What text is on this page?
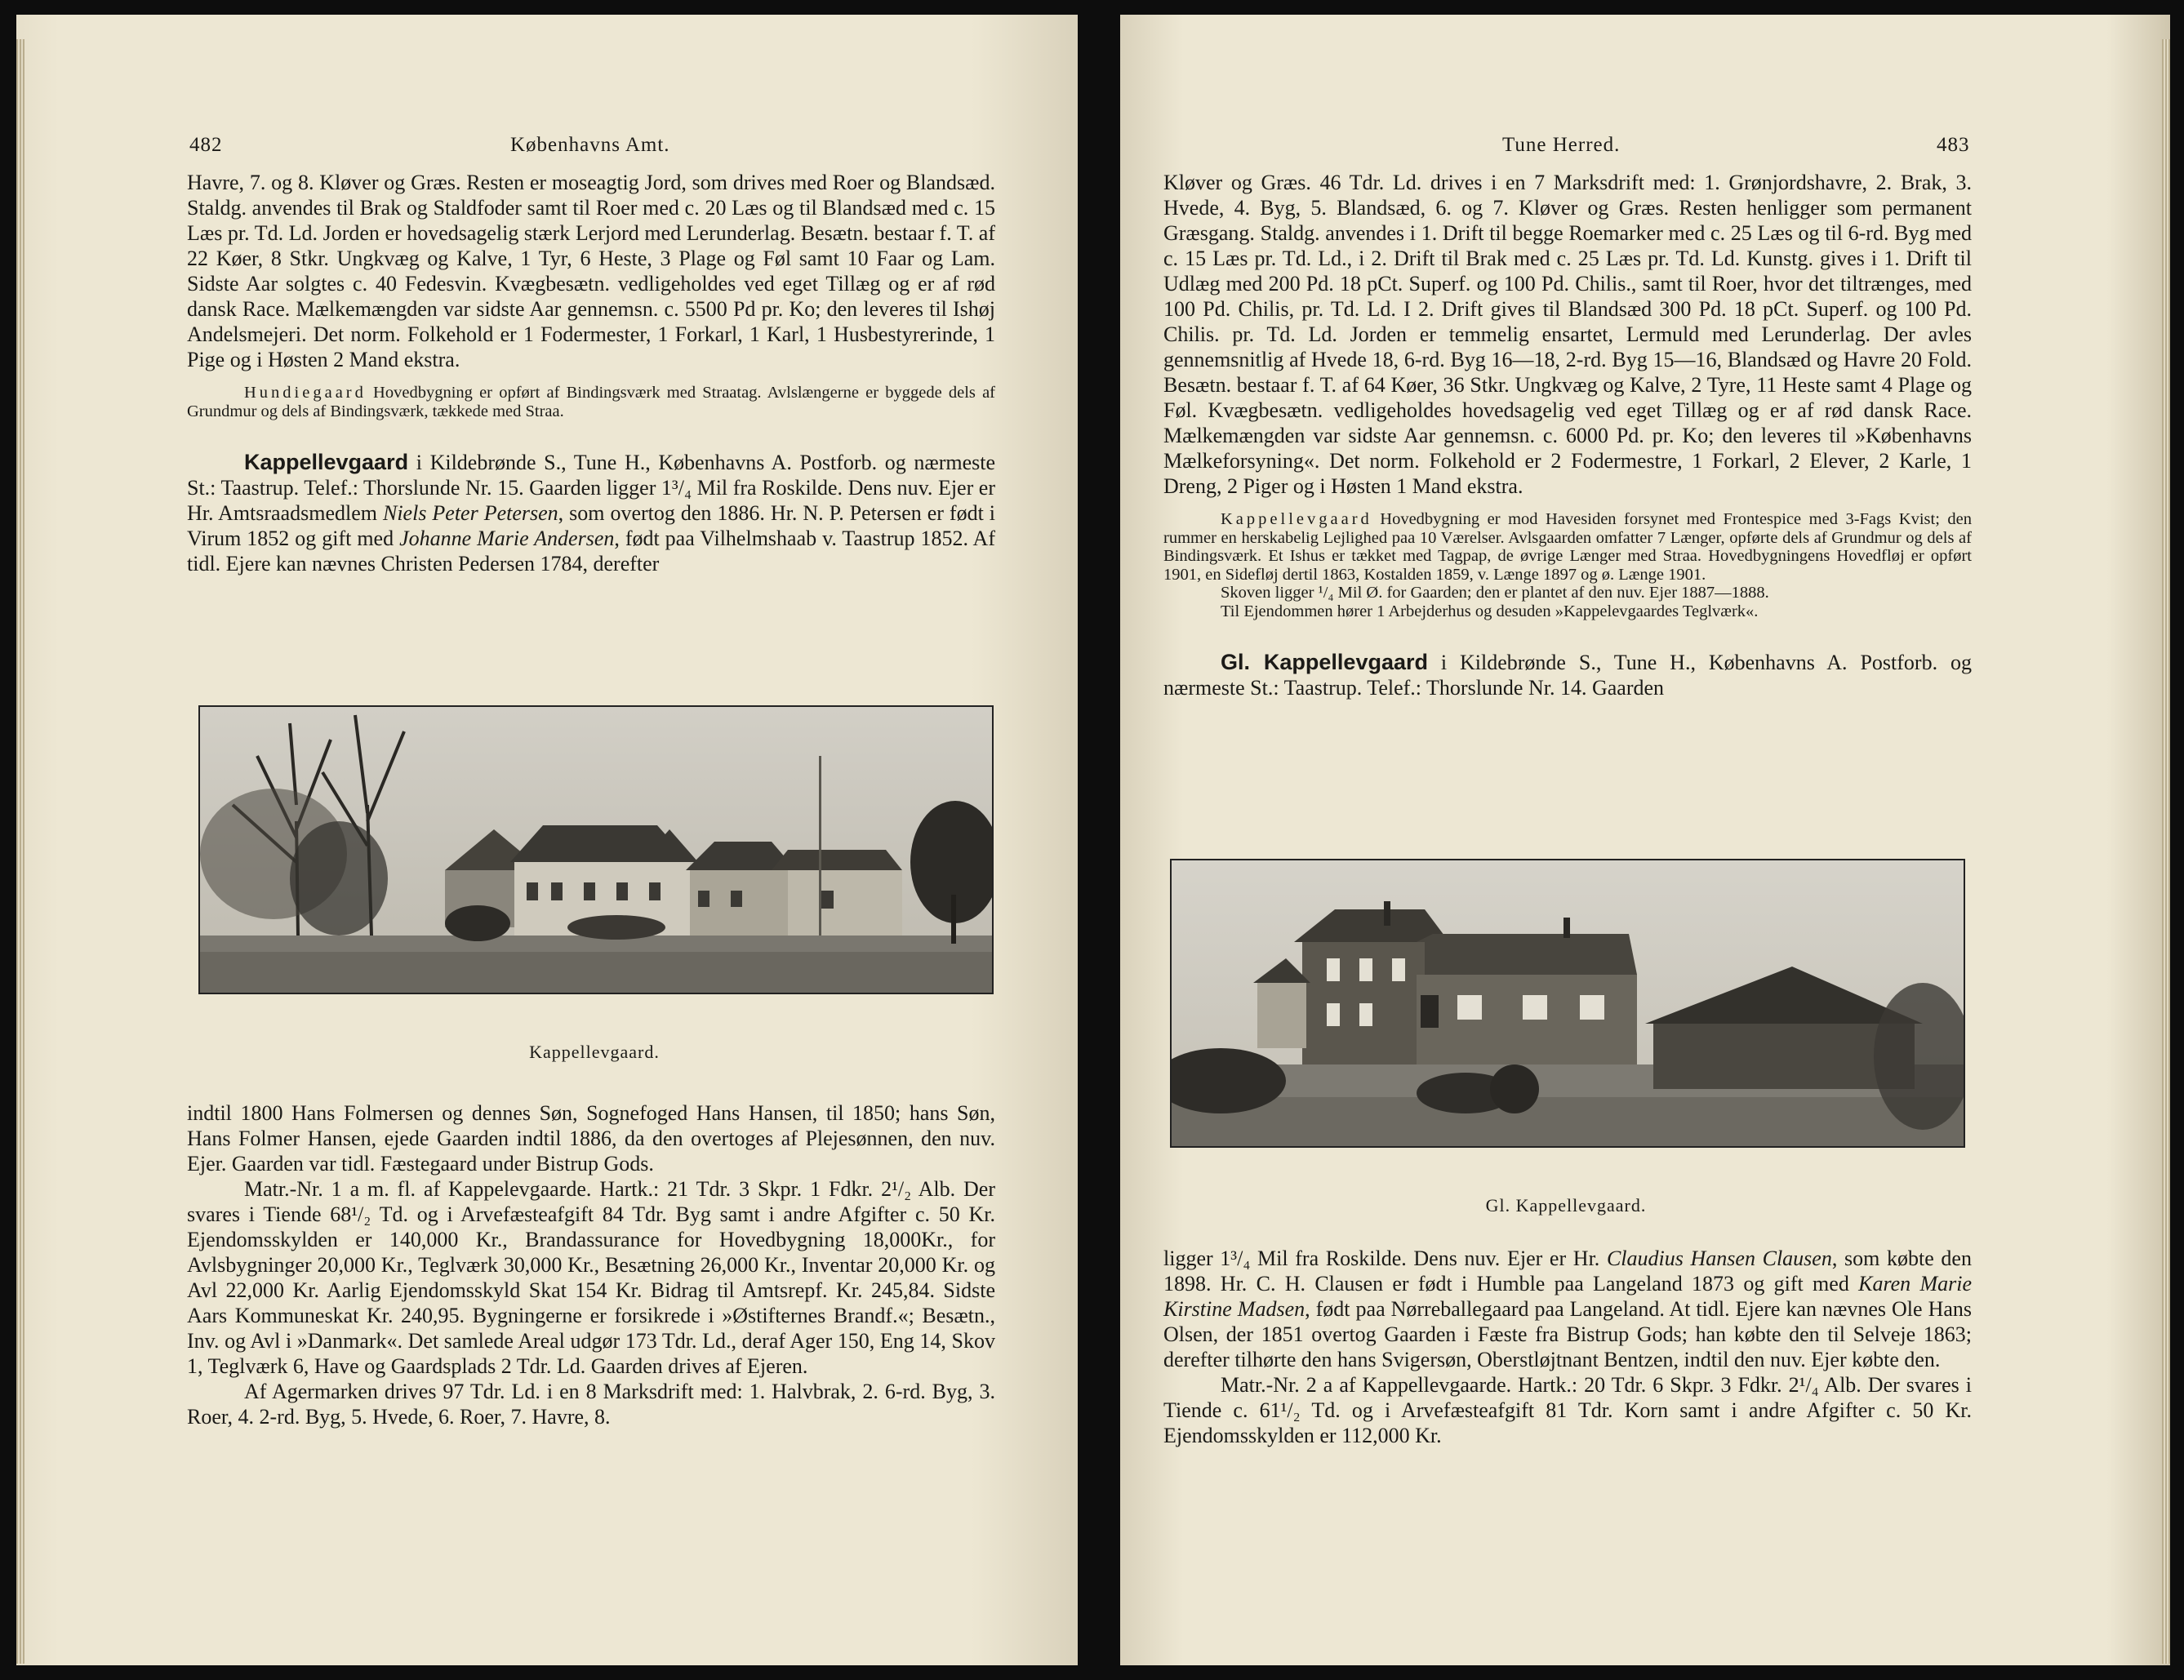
482	Københavns Amt.

Havre, 7. og 8. Kløver og Græs. Resten er moseagtig Jord, som drives med Roer og Blandsæd. Staldg. anvendes til Brak og Staldfoder samt til Roer med c. 20 Læs og til Blandsæd med c. 15 Læs pr. Td. Ld. Jorden er hovedsagelig stærk Lerjord med Lerunderlag. Besætn. bestaar f. T. af 22 Køer, 8 Stkr. Ungkvæg og Kalve, 1 Tyr, 6 Heste, 3 Plage og Føl samt 10 Faar og Lam. Sidste Aar solgtes c. 40 Fedesvin. Kvægbesætn. vedligeholdes ved eget Tillæg og er af rød dansk Race. Mælkemængden var sidste Aar gennemsn. c. 5500 Pd pr. Ko; den leveres til Ishøj Andelsmejeri. Det norm. Folkehold er 1 Fodermester, 1 Forkarl, 1 Karl, 1 Husbestyrerinde, 1 Pige og i Høsten 2 Mand ekstra.

Hundiegaard Hovedbygning er opført af Bindingsværk med Straatag. Avlslængerne er byggede dels af Grundmur og dels af Bindingsværk, tækkede med Straa.

Kappellevgaard i Kildebrønde S., Tune H., Københavns A. Postforb. og nærmeste St.: Taastrup. Telef.: Thorslunde Nr. 15. Gaarden ligger 1³/₄ Mil fra Roskilde. Dens nuv. Ejer er Hr. Amtsraadsmedlem Niels Peter Petersen, som overtog den 1886. Hr. N. P. Petersen er født i Virum 1852 og gift med Johanne Marie Andersen, født paa Vilhelmshaab v. Taastrup 1852. Af tidl. Ejere kan nævnes Christen Pedersen 1784, derefter

Kappellevgaard.

indtil 1800 Hans Folmersen og dennes Søn, Sognefoged Hans Hansen, til 1850; hans Søn, Hans Folmer Hansen, ejede Gaarden indtil 1886, da den overtoges af Plejesønnen, den nuv. Ejer. Gaarden var tidl. Fæstegaard under Bistrup Gods.

Matr.-Nr. 1 a m. fl. af Kappelevgaarde. Hartk.: 21 Tdr. 3 Skpr. 1 Fdkr. 2¹/₂ Alb. Der svares i Tiende 68¹/₂ Td. og i Arvefæsteafgift 84 Tdr. Byg samt i andre Afgifter c. 50 Kr. Ejendomsskylden er 140,000 Kr., Brandassurance for Hovedbygning 18,000Kr., for Avlsbygninger 20,000 Kr., Teglværk 30,000 Kr., Besætning 26,000 Kr., Inventar 20,000 Kr. og Avl 22,000 Kr. Aarlig Ejendomsskyld Skat 154 Kr. Bidrag til Amtsrepf. Kr. 245,84. Sidste Aars Kommuneskat Kr. 240,95. Bygningerne er forsikrede i »Østifternes Brandf.«; Besætn., Inv. og Avl i »Danmark«. Det samlede Areal udgør 173 Tdr. Ld., deraf Ager 150, Eng 14, Skov 1, Teglværk 6, Have og Gaardsplads 2 Tdr. Ld. Gaarden drives af Ejeren.

Af Agermarken drives 97 Tdr. Ld. i en 8 Marksdrift med: 1. Halvbrak, 2. 6-rd. Byg, 3. Roer, 4. 2-rd. Byg, 5. Hvede, 6. Roer, 7. Havre, 8.

Tune Herred.	483

Kløver og Græs. 46 Tdr. Ld. drives i en 7 Marksdrift med: 1. Grønjordshavre, 2. Brak, 3. Hvede, 4. Byg, 5. Blandsæd, 6. og 7. Kløver og Græs. Resten henligger som permanent Græsgang. Staldg. anvendes i 1. Drift til begge Roemarker med c. 25 Læs og til 6-rd. Byg med c. 15 Læs pr. Td. Ld., i 2. Drift til Brak med c. 25 Læs pr. Td. Ld. Kunstg. gives i 1. Drift til Udlæg med 200 Pd. 18 pCt. Superf. og 100 Pd. Chilis., samt til Roer, hvor det tiltrænges, med 100 Pd. Chilis, pr. Td. Ld. I 2. Drift gives til Blandsæd 300 Pd. 18 pCt. Superf. og 100 Pd. Chilis. pr. Td. Ld. Jorden er temmelig ensartet, Lermuld med Lerunderlag. Der avles gennemsnitlig af Hvede 18, 6-rd. Byg 16—18, 2-rd. Byg 15—16, Blandsæd og Havre 20 Fold. Besætn. bestaar f. T. af 64 Køer, 36 Stkr. Ungkvæg og Kalve, 2 Tyre, 11 Heste samt 4 Plage og Føl. Kvægbesætn. vedligeholdes hovedsagelig ved eget Tillæg og er af rød dansk Race. Mælkemængden var sidste Aar gennemsn. c. 6000 Pd. pr. Ko; den leveres til »Københavns Mælkeforsyning«. Det norm. Folkehold er 2 Fodermestre, 1 Forkarl, 2 Elever, 2 Karle, 1 Dreng, 2 Piger og i Høsten 1 Mand ekstra.

Kappellevgaard Hovedbygning er mod Havesiden forsynet med Frontespice med 3-Fags Kvist; den rummer en herskabelig Lejlighed paa 10 Værelser. Avlsgaarden omfatter 7 Længer, opførte dels af Grundmur og dels af Bindingsværk. Et Ishus er tækket med Tagpap, de øvrige Længer med Straa. Hovedbygningens Hovedfløj er opført 1901, en Sidefløj dertil 1863, Kostalden 1859, v. Længe 1897 og ø. Længe 1901.

Skoven ligger ¹/₄ Mil Ø. for Gaarden; den er plantet af den nuv. Ejer 1887—1888.

Til Ejendommen hører 1 Arbejderhus og desuden »Kappelevgaardes Teglværk«.

Gl. Kappellevgaard i Kildebrønde S., Tune H., Københavns A. Postforb. og nærmeste St.: Taastrup. Telef.: Thorslunde Nr. 14. Gaarden

Gl. Kappellevgaard.

ligger 1³/₄ Mil fra Roskilde. Dens nuv. Ejer er Hr. Claudius Hansen Clausen, som købte den 1898. Hr. C. H. Clausen er født i Humble paa Langeland 1873 og gift med Karen Marie Kirstine Madsen, født paa Nørreballegaard paa Langeland. At tidl. Ejere kan nævnes Ole Hans Olsen, der 1851 overtog Gaarden i Fæste fra Bistrup Gods; han købte den til Selveje 1863; derefter tilhørte den hans Svigersøn, Oberstløjtnant Bentzen, indtil den nuv. Ejer købte den.

Matr.-Nr. 2 a af Kappellevgaarde. Hartk.: 20 Tdr. 6 Skpr. 3 Fdkr. 2¹/₄ Alb. Der svares i Tiende c. 61¹/₂ Td. og i Arvefæsteafgift 81 Tdr. Korn samt i andre Afgifter c. 50 Kr. Ejendomsskylden er 112,000 Kr.
